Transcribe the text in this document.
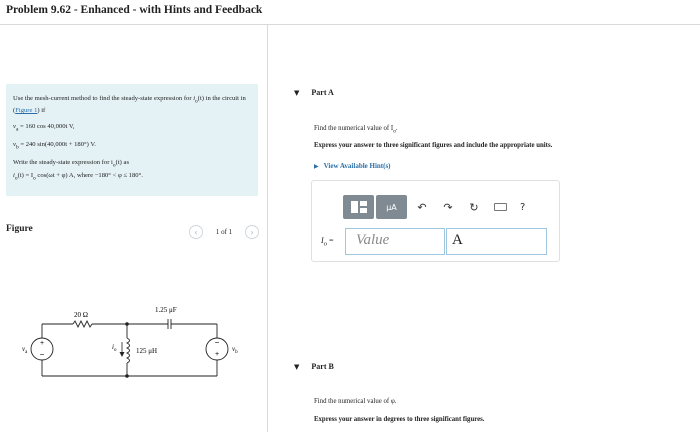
Problem 9.62 - Enhanced - with Hints and Feedback

Use the mesh-current method to find the steady-state expression for $i_o(t)$ in the circuit in (Figure 1) if

$v_a = 160$ cos 40,000t V,

$v_b = 240$ sin(40,000t + 180°) V.

Write the steady-state expression for $i_o(t)$ as
$i_o(t) = I_o$ cos(ωt + φ) A, where −180° < φ ≤ 180°.

Figure	‹	1 of 1	›
+
−
−
+
20 Ω
1.25 μF
125 μH
$v_a$	$v_b$
$i_o$
▼ Part A
Find the numerical value of $I_o$.
Express your answer to three significant figures and include the appropriate units.
▶ View Available Hint(s)
μA	↶	↷	↻	?
$I_o$ =	Value	A
▼ Part B
Find the numerical value of φ.
Express your answer in degrees to three significant figures.
